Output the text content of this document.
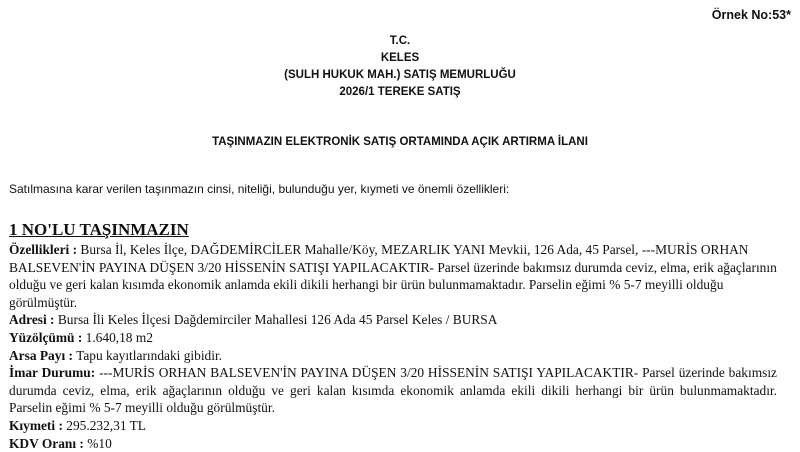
Örnek No:53*
T.C.
KELES
(SULH HUKUK MAH.) SATIŞ MEMURLUĞU
2026/1 TEREKE SATIŞ
TAŞINMAZIN ELEKTRONİK SATIŞ ORTAMINDA AÇIK ARTIRMA İLANI
Satılmasına karar verilen taşınmazın cinsi, niteliği, bulunduğu yer, kıymeti ve önemli özellikleri:
1 NO'LU TAŞINMAZIN

Özellikleri : Bursa İl, Keles İlçe, DAĞDEMİRCİLER Mahalle/Köy, MEZARLIK YANI Mevkii, 126 Ada, 45 Parsel, ---MURİS ORHAN BALSEVEN'İN PAYINA DÜŞEN 3/20 HİSSENİN SATIŞI YAPILACAKTIR- Parsel üzerinde bakımsız durumda ceviz, elma, erik ağaçlarının olduğu ve geri kalan kısımda ekonomik anlamda ekili dikili herhangi bir ürün bulunmamaktadır. Parselin eğimi % 5-7 meyilli olduğu görülmüştür.

Adresi : Bursa İli Keles İlçesi Dağdemirciler Mahallesi 126 Ada 45 Parsel Keles / BURSA

Yüzölçümü : 1.640,18 m2

Arsa Payı : Tapu kayıtlarındaki gibidir.

İmar Durumu: ---MURİS ORHAN BALSEVEN'İN PAYINA DÜŞEN 3/20 HİSSENİN SATIŞI YAPILACAKTIR- Parsel üzerinde bakımsız durumda ceviz, elma, erik ağaçlarının olduğu ve geri kalan kısımda ekonomik anlamda ekili dikili herhangi bir ürün bulunmamaktadır. Parselin eğimi % 5-7 meyilli olduğu görülmüştür.

Kıymeti : 295.232,31 TL

KDV Oranı : %10
